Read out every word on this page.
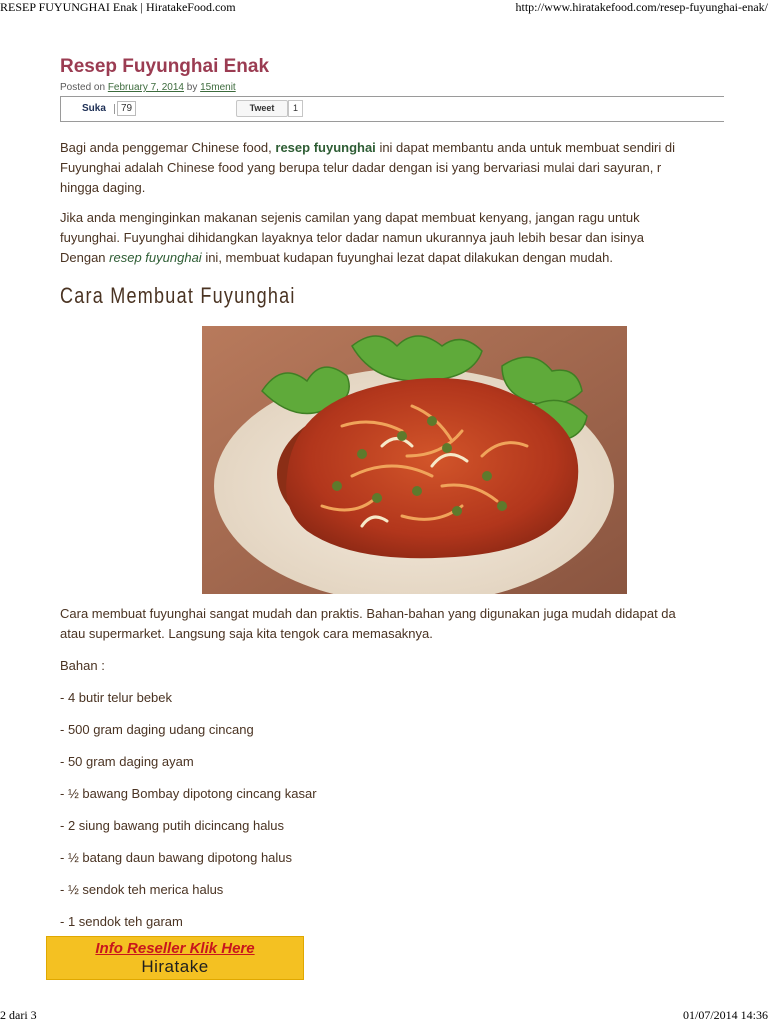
RESEP FUYUNGHAI Enak | HiratakeFood.com	http://www.hiratakefood.com/resep-fuyunghai-enak/
Resep Fuyunghai Enak
Posted on February 7, 2014 by 15menit
Suka	79	Tweet	1

Bagi anda penggemar Chinese food, resep fuyunghai ini dapat membantu anda untuk membuat sendiri di
Fuyunghai adalah Chinese food yang berupa telur dadar dengan isi yang bervariasi mulai dari sayuran, r
hingga daging.

Jika anda menginginkan makanan sejenis camilan yang dapat membuat kenyang, jangan ragu untuk
fuyunghai. Fuyunghai dihidangkan layaknya telor dadar namun ukurannya jauh lebih besar dan isinya
Dengan resep fuyunghai ini, membuat kudapan fuyunghai lezat dapat dilakukan dengan mudah.

Cara Membuat Fuyunghai
Cara membuat fuyunghai sangat mudah dan praktis. Bahan-bahan yang digunakan juga mudah didapat da
atau supermarket. Langsung saja kita tengok cara memasaknya.
Bahan :
- 4 butir telur bebek
- 500 gram daging udang cincang
- 50 gram daging ayam
- ½ bawang Bombay dipotong cincang kasar
- 2 siung bawang putih dicincang halus
- ½ batang daun bawang dipotong halus
- ½ sendok teh merica halus
- 1 sendok teh garam
Info Reseller Klik Here
Hiratake
2 dari 3	01/07/2014 14:36
